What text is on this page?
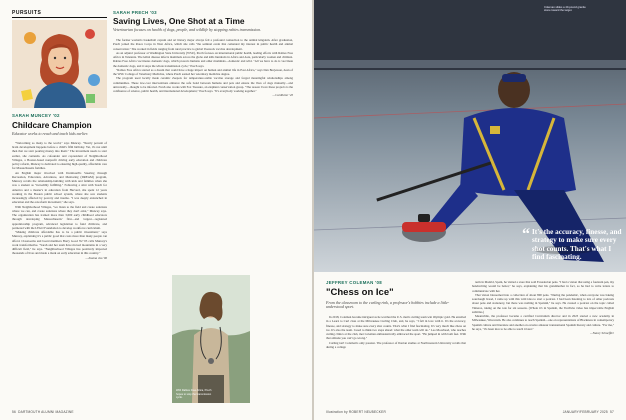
PURSUITS
SARAH MUNCEY '02
Childcare Champion
Educator works to reach and teach kids earlier.

"Welcoming so many to the world," says Muncey. "Nearly percent of brain development happens before a child's fifth birthday. Yet, it's not until then that we start pouring money into them." The investment needs to start earlier, she contends. As cofounder and copresident of Neighborhood Villages, a Boston-based nonprofit driving early education and childcare policy reform, Muncey is dedicated to ensuring high-quality, affordable care for Massachusetts families.

An English major involved with Dartmouth's Steering through Recreation, Education, Adventure, and Mentoring (DREAM) program, Muncey recalls the relationship-building with kids and families when she was a student as "incredibly fulfilling." Following a stint with Teach for America and a master's in education from Harvard, she spent 12 years working in the Boston public school system, where she saw students increasingly affected by poverty and trauma. "I was deeply entrenched in education and the ed-reform movement," she says.

With Neighborhood Villages, "we listen to the field and create solutions where we can, and create solutions where they don't exist," Muncey says. The organization has trained more than 3,000 early childhood educators through developing Massachusetts' first—and largest—registered apprenticeship program, advanced legislation to fund childcare, and partnered with the LEGO Foundation to develop workforce curriculum.

"Making childcare affordable has to be a public investment," says Muncey, explaining it's a public good that costs more than many people can afford. Classrooms and board members Barry Good '02 '03 calls Muncey's work transformative. "Sarah and her team have moved mountains in a very difficult field," he says. "Neighborhood Villages has positively impacted thousands of lives and made a mark on early education in this country."

—Joanna Jao '06
SARAH PRECH '03
Saving Lives, One Shot at a Time
Veterinarian focuses on health of dogs, people, and wildlife by stopping rabies transmission.

The former woman's basketball captain and art history major always felt a profound connection to the animal kingdom. After graduation, Prech joined the Peace Corps in West Africa, which she calls "the seminal event that cemented my interest in public health and animal conservation." She worked in fields ranging from rural practice to global livestock vaccine development.

As an adjunct professor at Washington State University (WSU), Prech focuses on international public health, leading efforts with Rabies Free Africa in Tanzania. The lethal disease infects mammals across the globe and kills hundreds in Africa and Asia, particularly women and children. Rabies Free Africa vaccinates domestic dogs, which protects humans and other mammals—domestic and wild. "All we have to do is vaccinate the domestic dogs, and it stops the whole transmission cycle," Prech says.

"Rabies Free Africa started as a dream that could have a huge impact on human and animal life in East Africa," says Dan Borjesson, dean of the WSU College of Veterinary Medicine, where Prech earned her veterinary medicine degree.

The program used locally made ceramic Zeepots for temperature-stable vaccine storage and forged meaningful relationships among communities. These low-cost interventions enhance the safe bond between humans and pets and ensure the lives of dogs mutually—and universally—thought to be infected. Fresh also works with Fox Treasure, an elephant conservation group. "The reason I love these projects is the confluence of science, public health, and international development," Prech says. "It's everybody working together."

—Cat Ricker '20
With Rabies Free Africa, Prech hopes to stop the transmission cycle.
56 DARTMOUTH ALUMNI MAGAZINE
Coleman slides a 40-pound granite stone toward the target.
“ It's the accuracy, finesse, and strategy to make sure every shot counts. That's what I find fascinating.
JEFFREY COLEMAN '08
"Chess on Ice"
From the classroom to the curling rink, a professor's hobbies include a little-understood sport.

In 2018, Coleman became intrigued as he watched the U.S. men's curling team win Olympic gold. He enrolled in a Learn to Curl class at the Milwaukee Curling Club, and, he says, "I fell in love with it. It's the accuracy, finesse, and strategy to make sure every shot counts. That's what I find fascinating. It's very much like chess on ice. It's also the team. I used to think two steps ahead: what the other team will do." Leo Moorhead, who teaches curling clinics at the club, met Coleman enthusiastically embraced the sport. "He jumped in with both feet. With that attitude you can't go wrong."

Curling isn't Coleman's only passion. The professor of Iberian studies at Northwestern University recalls that during a college

term in Madrid, Spain, he visited a store that sold Ecuadorian pens. "I had a vision that using a fountain pen, my handwriting would be better," he says, explaining that his grandmother in fact, so he had to write letters to communicate with her.

That vision blossomed into a collection of about 800 pens. "During the pandemic, when everyone was baking sourdough bread, I came up with this wild idea to start a podcast. I had been listening to lots of other podcasts about pens and stationery, but there was nothing in Spanish," he says. He created a podcast on the topic called Tinteros, taking on the role for six seasons. (Whole it's in Spanish, the YouTube video has impeccable English subtitles.)

Meanwhile, the professor became a certified Curriculum director and in 2023 started a new academy in Milwaukee, Wisconsin. He also continues to teach Spanish—one on representations of Blackness in contemporary Spanish culture and literature and another on evasive amateur transnational Spanish literary and culture. "For me," he says, "it's been nice to be able to teach it later."

—Nancy Schoeffler
Illustration by ROBERT NEUBECKER	JANUARY/FEBRUARY 2025 57
